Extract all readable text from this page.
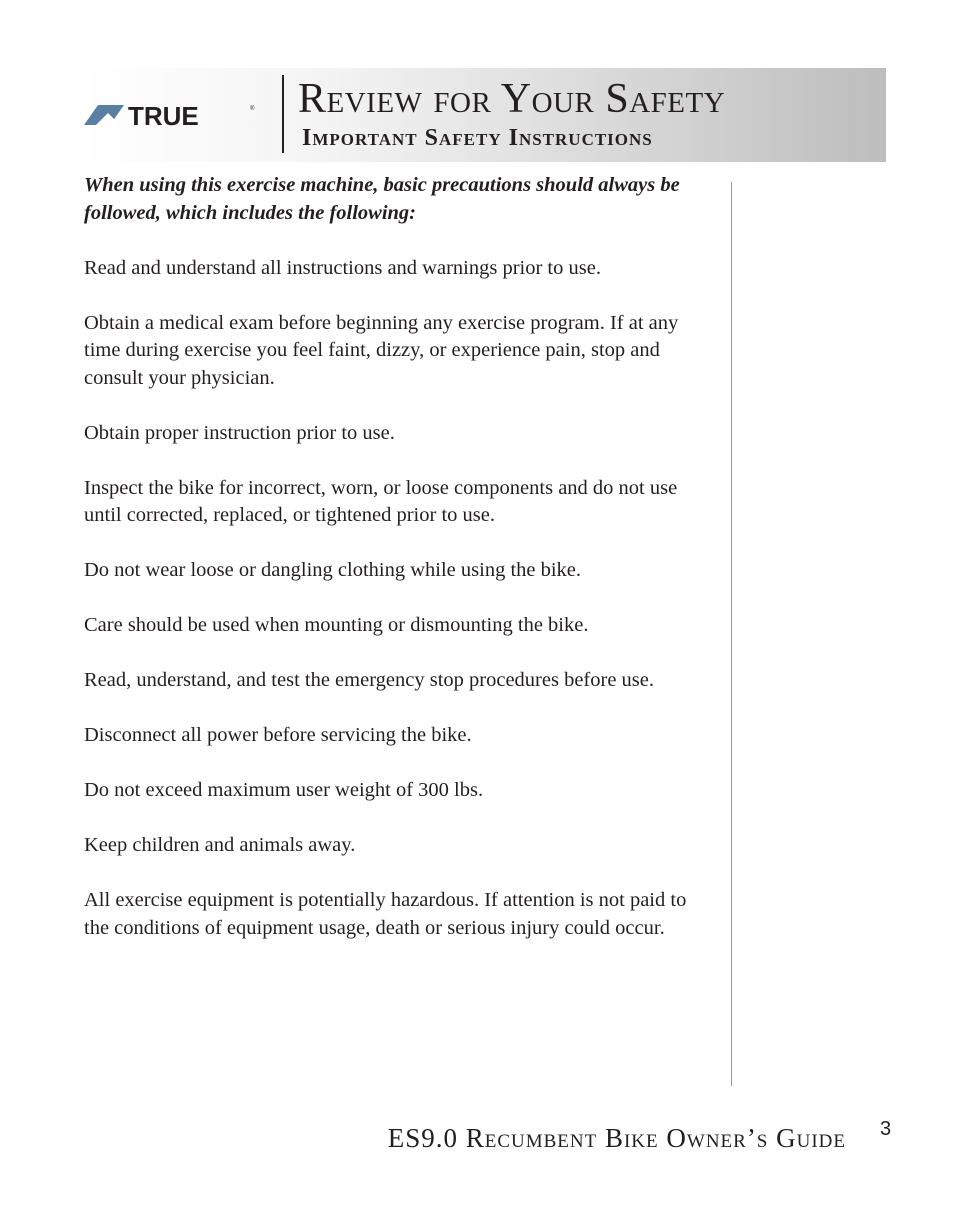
TRUE	® Review for Your Safety
Important Safety Instructions

When using this exercise machine, basic precautions should always be followed, which includes the following:

Read and understand all instructions and warnings prior to use.

Obtain a medical exam before beginning any exercise program. If at any time during exercise you feel faint, dizzy, or experience pain, stop and consult your physician.

Obtain proper instruction prior to use.

Inspect the bike for incorrect, worn, or loose components and do not use until corrected, replaced, or tightened prior to use.

Do not wear loose or dangling clothing while using the bike.

Care should be used when mounting or dismounting the bike.

Read, understand, and test the emergency stop procedures before use.

Disconnect all power before servicing the bike.

Do not exceed maximum user weight of 300 lbs.

Keep children and animals away.

All exercise equipment is potentially hazardous. If attention is not paid to the conditions of equipment usage, death or serious injury could occur.

ES9.0 Recumbent Bike Owner’s Guide 3
